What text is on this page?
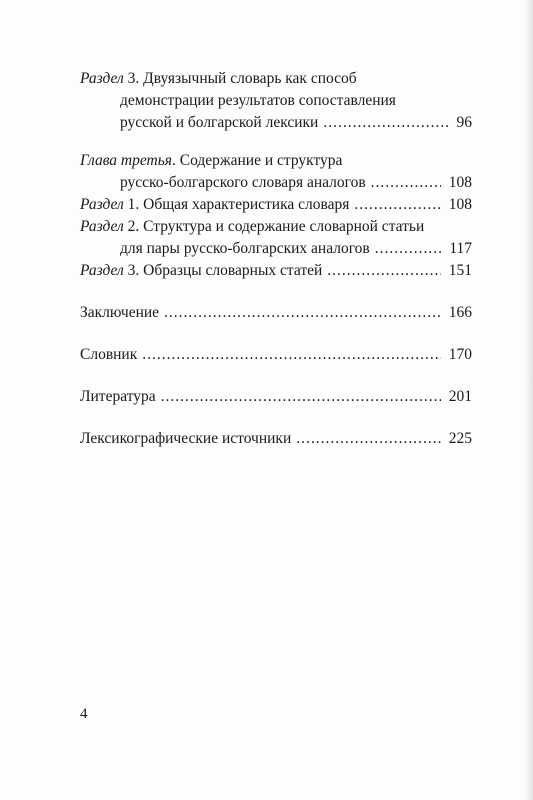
Раздел 3. Двуязычный словарь как способ
демонстрации результатов сопоставления
русской и болгарской лексики .....	96
Глава третья. Содержание и структура
русско-болгарского словаря аналогов .....	108
Раздел 1. Общая характеристика словаря .....	108
Раздел 2. Структура и содержание словарной статьи
для пары русско-болгарских аналогов .....	117
Раздел 3. Образцы словарных статей .....	151
Заключение .....	166
Словник .....	170
Литература .....	201
Лексикографические источники .....	225
4
